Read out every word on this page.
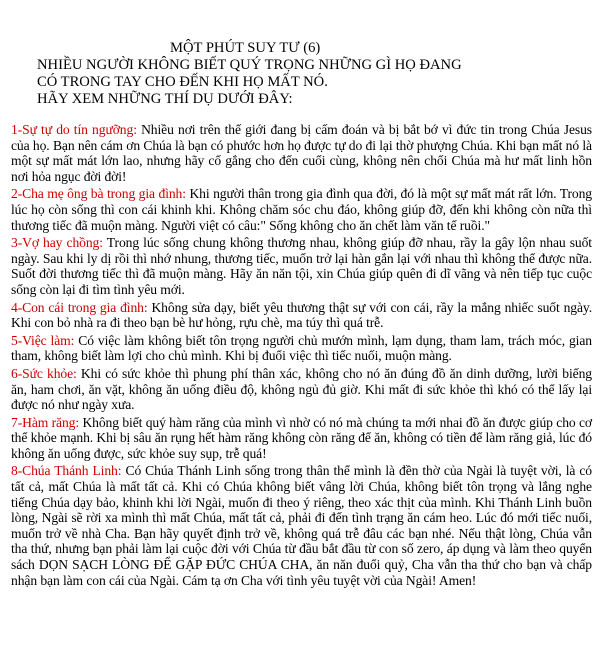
MỘT PHÚT SUY TƯ (6)
NHIỀU NGƯỜI KHÔNG BIẾT QUÝ TRỌNG NHỮNG GÌ HỌ ĐANG
CÓ TRONG TAY CHO ĐẾN KHI HỌ MẤT NÓ.
HÃY XEM NHỮNG THÍ DỤ DƯỚI ĐÂY:

1-Sự tự do tín ngưỡng: Nhiều nơi trên thế giới đang bị cấm đoán và bị bắt bớ vì đức tin trong Chúa Jesus của họ. Bạn nên cám ơn Chúa là bạn có phước hơn họ được tự do đi lại thờ phượng Chúa. Khi bạn mất nó là một sự mất mát lớn lao, nhưng hãy cố gắng cho đến cuối cùng, không nên chối Chúa mà hư mất linh hồn nơi hỏa ngục đời đời!

2-Cha mẹ ông bà trong gia đình: Khi người thân trong gia đình qua đời, đó là một sự mất mát rất lớn. Trong lúc họ còn sống thì con cái khinh khi. Không chăm sóc chu đáo, không giúp đỡ, đến khi không còn nữa thì thương tiếc đã muộn màng. Người việt có câu:" Sống không cho ăn chết làm văn tế ruồi."

3-Vợ hay chồng: Trong lúc sống chung không thương nhau, không giúp đỡ nhau, rầy la gây lộn nhau suốt ngày. Sau khi ly dị rồi thì nhớ nhung, thương tiếc, muốn trở lại hàn gắn lại với nhau thì không thể được nữa. Suốt đời thương tiếc thì đã muộn màng. Hãy ăn năn tội, xin Chúa giúp quên đi dĩ vãng và nên tiếp tục cuộc sống còn lại đi tìm tình yêu mới.

4-Con cái trong gia đình: Không sửa dạy, biết yêu thương thật sự với con cái, rầy la mắng nhiếc suốt ngày. Khi con bỏ nhà ra đi theo bạn bè hư hỏng, rựu chè, ma túy thì quá trễ.

5-Việc làm: Có việc làm không biết tôn trọng người chủ mướn mình, lạm dụng, tham lam, trách móc, gian tham, không biết làm lợi cho chủ mình. Khi bị đuổi việc thì tiếc nuối, muộn màng.

6-Sức khỏe: Khi có sức khỏe thì phung phí thân xác, không cho nó ăn đúng đồ ăn dinh dưỡng, lười biếng ăn, ham chơi, ăn vặt, không ăn uống điều độ, không ngủ đủ giờ. Khi mất đi sức khỏe thì khó có thể lấy lại được nó như ngày xưa.

7-Hàm răng: Không biết quý hàm răng của mình vì nhờ có nó mà chúng ta mới nhai đồ ăn được giúp cho cơ thể khỏe mạnh. Khi bị sâu ăn rụng hết hàm răng không còn răng để ăn, không có tiền để làm răng giả, lúc đó không ăn uống được, sức khỏe suy sụp, trễ quá!

8-Chúa Thánh Linh: Có Chúa Thánh Linh sống trong thân thể mình là đền thờ của Ngài là tuyệt vời, là có tất cả, mất Chúa là mất tất cả. Khi có Chúa không biết vâng lời Chúa, không biết tôn trọng và lắng nghe tiếng Chúa dạy bảo, khinh khi lời Ngài, muốn đi theo ý riêng, theo xác thịt của mình. Khi Thánh Linh buồn lòng, Ngài sẽ rời xa mình thì mất Chúa, mất tất cả, phải đi đến tình trạng ăn cám heo. Lúc đó mới tiếc nuối, muốn trở về nhà Cha. Bạn hãy quyết định trở về, không quá trễ đâu các bạn nhé. Nếu thật lòng, Chúa vẫn tha thứ, nhưng bạn phải làm lại cuộc đời với Chúa từ đầu bắt đầu từ con số zero, áp dụng và làm theo quyển sách DỌN SẠCH LÒNG ĐỂ GẶP ĐỨC CHÚA CHA, ăn năn đuổi quỷ, Cha vẫn tha thứ cho bạn và chấp nhận bạn làm con cái của Ngài. Cám tạ ơn Cha với tình yêu tuyệt vời của Ngài! Amen!
